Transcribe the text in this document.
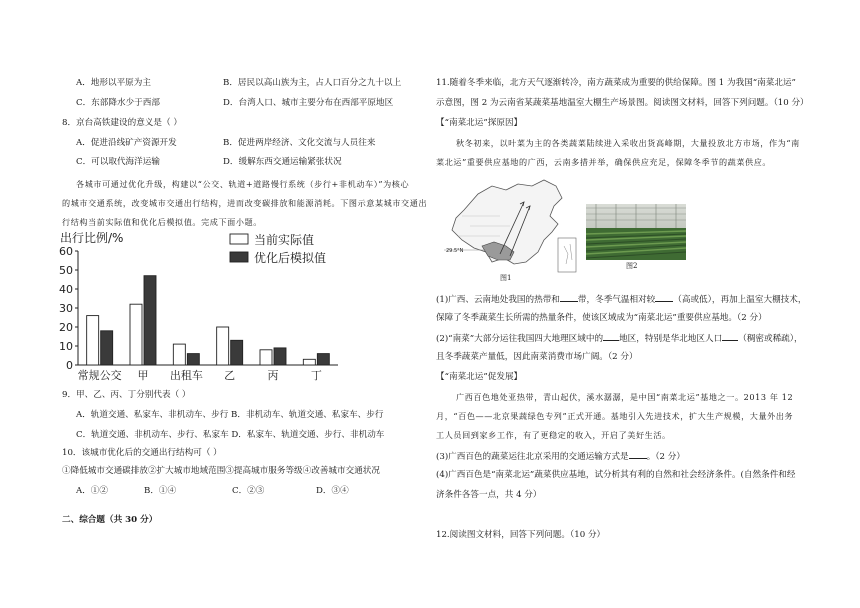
A．地形以平原为主	B．居民以高山族为主，占人口百分之九十以上
C．东部降水少于西部	D．台湾人口、城市主要分布在西部平原地区
8．京台高铁建设的意义是（ ）
A．促进沿线矿产资源开发	B．促进两岸经济、文化交流与人员往来
C．可以取代海洋运输	D．缓解东西交通运输紧张状况
各城市可通过优化升级，构建以“公交、轨道+道路慢行系统（步行+非机动车）”为核心
的城市交通系统，改变城市交通出行结构，进而改变碳排放和能源消耗。下图示意某城市交通出
行结构当前实际值和优化后模拟值。完成下面小题。
出行比例/%
0
10
20
30
40
50
60
常规公交 甲 出租车 乙	丙	丁
当前实际值
优化后模拟值
9．甲、乙、丙、丁分别代表（ ）
A．轨道交通、私家车、非机动车、步行 B．非机动车、轨道交通、私家车、步行
C．轨道交通、非机动车、步行、私家车 D．私家车、轨道交通、步行、非机动车
10．该城市优化后的交通出行结构可（ ）
①降低城市交通碳排放②扩大城市地域范围③提高城市服务等级④改善城市交通状况
A．①②	B．①④	C．②③	D．③④
二、综合题（共 30 分）
11.随着冬季来临，北方天气逐渐转冷，南方蔬菜成为重要的供给保障。图 1 为我国“南菜北运”
示意图，图 2 为云南省某蔬菜基地温室大棚生产场景图。阅读图文材料，回答下列问题。（10 分）
【“南菜北运”探原因】
秋冬初来，以叶菜为主的各类蔬菜陆续进入采收出货高峰期，大量投放北方市场，作为“南
菜北运”重要供应基地的广西，云南多措并举，确保供应充足，保障冬季节的蔬菜供应。
29.5°N
图1
图2
(1)广西、云南地处我国的热带和 带，冬季气温相对较 （高或低），再加上温室大棚技术，
保障了冬季蔬菜生长所需的热量条件，使该区域成为“南菜北运”重要供应基地。（2 分）
(2)“南菜”大部分运往我国四大地理区域中的 地区，特别是华北地区人口 （稠密或稀疏），
且冬季蔬菜产量低，因此南菜消费市场广阔。（2 分）
【“南菜北运”促发展】
广西百色地处亚热带，青山起伏，溪水潺潺，是中国“南菜北运”基地之一。2013 年 12
月，“百色——北京果蔬绿色专列”正式开通。基地引入先进技术，扩大生产规模，大量外出务
工人员回到家乡工作，有了更稳定的收入，开启了美好生活。
(3)广西百色的蔬菜运往北京采用的交通运输方式是 。（2 分）
(4)广西百色是“南菜北运”蔬菜供应基地，试分析其有利的自然和社会经济条件。(自然条件和经
济条件各答一点，共 4 分）
12.阅读图文材料，回答下列问题。（10 分）
